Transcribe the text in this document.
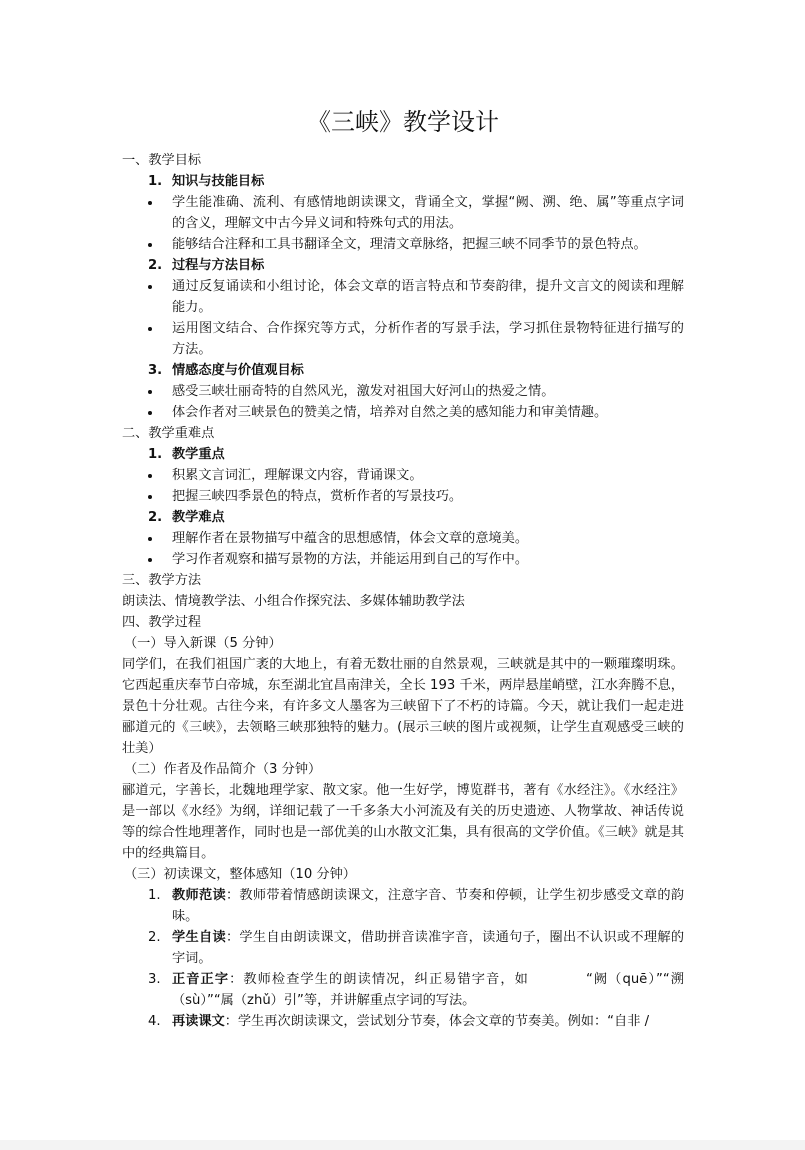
《三峡》教学设计

一、教学目标

1. 知识与技能目标

学生能准确、流利、有感情地朗读课文，背诵全文，掌握“阙、溯、绝、属”等重点字词的含义，理解文中古今异义词和特殊句式的用法。
能够结合注释和工具书翻译全文，理清文章脉络，把握三峡不同季节的景色特点。

2. 过程与方法目标

通过反复诵读和小组讨论，体会文章的语言特点和节奏韵律，提升文言文的阅读和理解能力。
运用图文结合、合作探究等方式，分析作者的写景手法，学习抓住景物特征进行描写的方法。

3. 情感态度与价值观目标

感受三峡壮丽奇特的自然风光，激发对祖国大好河山的热爱之情。
体会作者对三峡景色的赞美之情，培养对自然之美的感知能力和审美情趣。

二、教学重难点

1. 教学重点

积累文言词汇，理解课文内容，背诵课文。
把握三峡四季景色的特点，赏析作者的写景技巧。

2. 教学难点

理解作者在景物描写中蕴含的思想感情，体会文章的意境美。
学习作者观察和描写景物的方法，并能运用到自己的写作中。

三、教学方法

朗读法、情境教学法、小组合作探究法、多媒体辅助教学法

四、教学过程

（一）导入新课（5 分钟）

同学们，在我们祖国广袤的大地上，有着无数壮丽的自然景观，三峡就是其中的一颗璀璨明珠。它西起重庆奉节白帝城，东至湖北宜昌南津关，全长 193 千米，两岸悬崖峭壁，江水奔腾不息，景色十分壮观。古往今来，有许多文人墨客为三峡留下了不朽的诗篇。今天，就让我们一起走进郦道元的《三峡》，去领略三峡那独特的魅力。(展示三峡的图片或视频，让学生直观感受三峡的壮美）

（二）作者及作品简介（3 分钟）

郦道元，字善长，北魏地理学家、散文家。他一生好学，博览群书，著有《水经注》。《水经注》是一部以《水经》为纲，详细记载了一千多条大小河流及有关的历史遗迹、人物掌故、神话传说等的综合性地理著作，同时也是一部优美的山水散文汇集，具有很高的文学价值。《三峡》就是其中的经典篇目。

（三）初读课文，整体感知（10 分钟）

1. 教师范读：教师带着情感朗读课文，注意字音、节奏和停顿，让学生初步感受文章的韵味。
2. 学生自读：学生自由朗读课文，借助拼音读准字音，读通句子，圈出不认识或不理解的字词。
3. 正音正字：教师检查学生的朗读情况，纠正易错字音，如　　　　“阙（quē）”“溯（sù）”“属（zhǔ）引”等，并讲解重点字词的写法。
4. 再读课文：学生再次朗读课文，尝试划分节奏，体会文章的节奏美。例如：“自非 /
